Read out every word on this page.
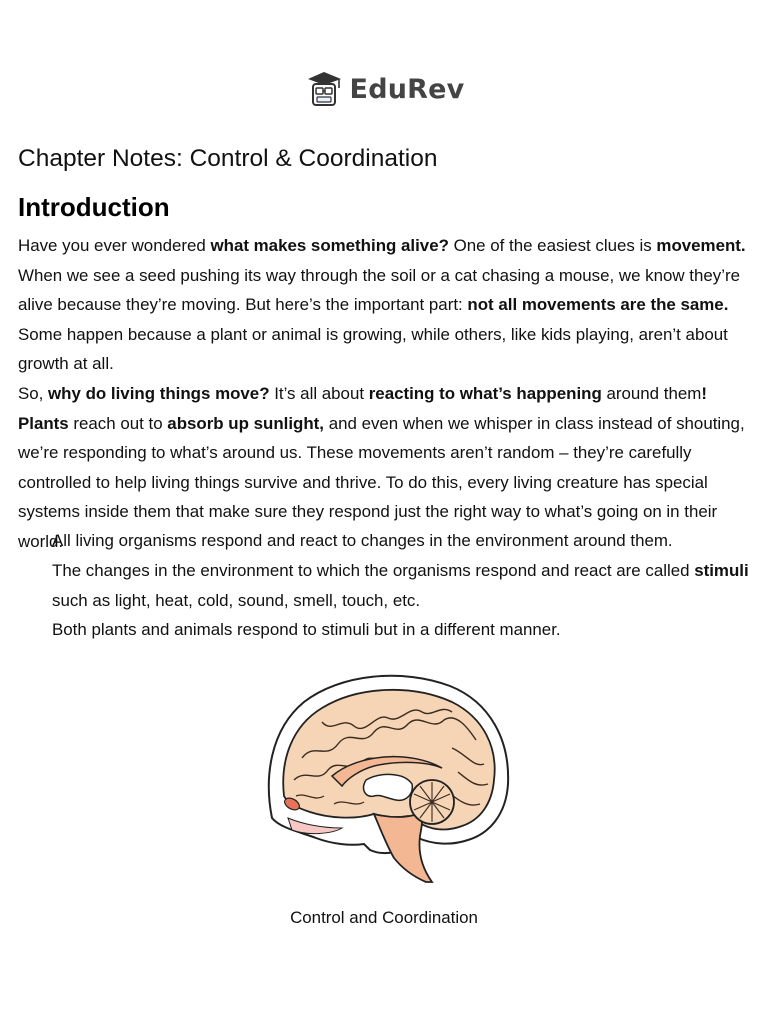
EduRev
Chapter Notes: Control & Coordination
Introduction

Have you ever wondered what makes something alive? One of the easiest clues is movement. When we see a seed pushing its way through the soil or a cat chasing a mouse, we know they’re alive because they’re moving. But here’s the important part: not all movements are the same. Some happen because a plant or animal is growing, while others, like kids playing, aren’t about growth at all.

So, why do living things move? It’s all about reacting to what’s happening around them! Plants reach out to absorb up sunlight, and even when we whisper in class instead of shouting, we’re responding to what’s around us. These movements aren’t random – they’re carefully controlled to help living things survive and thrive. To do this, every living creature has special systems inside them that make sure they respond just the right way to what’s going on in their world.

All living organisms respond and react to changes in the environment around them.

The changes in the environment to which the organisms respond and react are called stimuli such as light, heat, cold, sound, smell, touch, etc.

Both plants and animals respond to stimuli but in a different manner.

Control and Coordination
